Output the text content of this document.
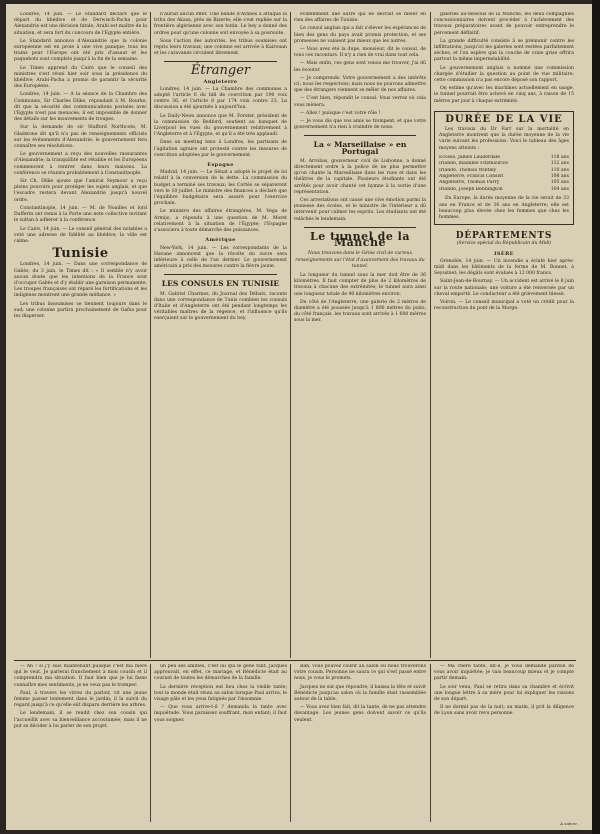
Londres, 14 juin. — Le Standard déclare que le départ du khédive et de Derwisch-Pacha pour Alexandrie est une décision fatale; Arabi est maître de la situation, et sera fort du concours de l'Egypte entière.

Le Standard annonce d'Alexandrie que la colonie européenne est en proie à une vive panique; tous les trains pour l'Europe ont été pris d'assaut et les paquebots sont complets jusqu'à la fin de la semaine.

Le Times apprend du Caire que le conseil des ministres s'est réuni hier soir sous la présidence du khédive; Arabi-Pacha a promis de garantir la sécurité des Européens.

Londres, 14 juin. — A la séance de la Chambre des Communes, Sir Charles Dilke, répondant à M. Bourke, dit que la sécurité des communications postales avec l'Egypte n'est pas menacée, il est impossible de donner des détails sur les mouvements de troupes.

Sur la demande de sir Stafford Northcote, M. Gladstone dit qu'il n'a pas de renseignements officiels sur les événements d'Alexandrie; le gouvernement fera connaître ses résolutions.

Le gouvernement a reçu des nouvelles rassurantes d'Alexandrie; la tranquillité est rétablie et les Européens commencent à rentrer dans leurs maisons. La conférence se réunira probablement à Constantinople.

Sir Ch. Dilke ajoute que l'amiral Seymour a reçu pleins pouvoirs pour protéger les sujets anglais, et que l'escadre restera devant Alexandrie jusqu'à nouvel ordre.

Constantinople, 14 juin. — M. de Noailles et lord Dufferin ont remis à la Porte une note collective invitant le sultan à adhérer à la conférence.

Le Caire, 14 juin. — Le conseil général des notables a voté une adresse de fidélité au khédive; la ville est calme.

Tunisie

Londres, 14 juin. — Dans une correspondance de Gabès, du 3 juin, le Times dit : « Il semble n'y avoir aucun doute que les intentions de la France sont d'occuper Gabès et d'y établir une garnison permanente. Les troupes françaises ont réparé les fortifications et les indigènes montrent une grande méfiance. »

Les tribus insoumises se tiennent toujours dans le sud; une colonne partira prochainement de Gafsa pour les disperser.

n'aurait aucun effet. Une bande d'Arabes a attaqué la tribu des Akasa, près de Bizerte; elle s'est repliée sur la frontière algérienne avec son butin. Le bey a donné des ordres pour qu'une colonne soit envoyée à sa poursuite.

Sous l'action des autorités, les tribus soumises ont repris leurs travaux; une colonne est arrivée à Kairouan et les caravanes circulent librement.

Étranger
Angleterre

Londres, 14 juin. — La Chambre des communes a adopté l'article 6 du bill de coercition par 190 voix contre 36, et l'article 8 par 174 voix contre 23. La discussion a été ajournée à aujourd'hui.

Le Daily-News annonce que M. Forster, président de la commission de Bedford, soutient au banquet de Liverpool les vues du gouvernement relativement à l'Angleterre et à l'Egypte, et qu'il a été très applaudi.

Dans un meeting tenu à Londres, les partisans de l'agitation agraire ont protesté contre les mesures de coercition adoptées par le gouvernement.

Espagne

Madrid, 14 juin. — Le Sénat a adopté le projet de loi relatif à la conversion de la dette. La commission du budget a terminé ses travaux; les Cortès se sépareront vers le 10 juillet. Le ministre des finances a déclaré que l'équilibre budgétaire sera assuré pour l'exercice prochain.

Le ministre des affaires étrangères, M. Vega de Armijo, a répondu à une question de M. Moret relativement à la situation de l'Égypte; l'Espagne s'associera à toute démarche des puissances.

Amérique

New-York, 14 juin. — Les correspondants de la Havane annoncent que la récolte du sucre sera inférieure à celle de l'an dernier. Le gouvernement américain a pris des mesures contre la fièvre jaune.

LES CONSULS EN TUNISIE

M. Gabriel Charmes, du Journal des Débats, raconte dans une correspondance de Tunis combien les consuls d'Italie et d'Angleterre ont été pendant longtemps les véritables maîtres de la régence, et l'influence qu'ils exerçaient sur le gouvernement du bey.

évidemment une autre qui ne devrait se mêler en rien des affaires de Tunisie.

Le consul anglais qui a fait s'élever les espérances de bien des gens du pays avait promis protection, et ses promesses ne valaient pas mieux que les autres.

— Vous avez été la dupe, monsieur, dit le consul, de tous ces racontars. Il n'y a rien de vrai dans tout cela.

— Mais enfin, ces gens sont venus me trouver, j'ai dû les écouter.

— Je comprends. Votre gouvernement a des intérêts ici; nous les respectons; mais nous ne pouvons admettre que des étrangers viennent se mêler de nos affaires.

— C'est bien, répondit le consul. Vous verrez où cela vous mènera.

— Allez ! puisque c'est votre rôle !

— Je vous dis que vos amis se trompent, et que votre gouvernement n'a rien à craindre de nous.

La « Marseillaise » en Portugal

M. Arrobas, gouverneur civil de Lisbonne, a donné directement ordre à la police de ne plus permettre qu'on chante la Marseillaise dans les rues et dans les théâtres de la capitale. Plusieurs étudiants ont été arrêtés pour avoir chanté cet hymne à la sortie d'une représentation.

Ces arrestations ont causé une vive émotion parmi la jeunesse des écoles, et le ministre de l'intérieur a dû intervenir pour calmer les esprits. Les étudiants ont été relâchés le lendemain.

Le tunnel de la Manche
Nous trouvons dans le Génie civil de curieux renseignements sur l'état d'avancement des travaux du tunnel.

La longueur du tunnel sous la mer doit être de 36 kilomètres. Il faut compter de plus de 2 kilomètres de travaux à chacune des extrémités; le tunnel aura ainsi une longueur totale de 40 kilomètres environ.

Du côté de l'Angleterre, une galerie de 2 mètres de diamètre a été poussée jusqu'à 1 800 mètres du puits; du côté français, les travaux sont arrivés à 1 600 mètres sous la mer.

galeries au-dessous de la Manche, les deux compagnies concessionnaires doivent procéder à l'achèvement des travaux préparatoires avant de pouvoir entreprendre le percement définitif.

La grande difficulté consiste à se prémunir contre les infiltrations; jusqu'ici les galeries sont restées parfaitement sèches, et l'on espère que la couche de craie grise offrira partout la même imperméabilité.

Le gouvernement anglais a nommé une commission chargée d'étudier la question au point de vue militaire; cette commission n'a pas encore déposé son rapport.

On estime qu'avec les machines actuellement en usage, le tunnel pourrait être achevé en cinq ans, à raison de 15 mètres par jour à chaque extrémité.

DURÉE DE LA VIE

Les travaux du Dr Farr sur la mortalité en Angleterre montrent que la durée moyenne de la vie varie suivant les professions. Voici le tableau des âges moyens atteints :

Ecosse, James Lauderdale	118 ans
Irlande, madame Fitzmaurice	112 ans
Irlande, Thomas Wintley	110 ans
Angleterre, Francis Consist	108 ans
Angleterre, Thomas Parry	105 ans
Irlande, Joseph Bennington	104 ans

En Europe, la durée moyenne de la vie serait de 33 ans en France et de 36 ans en Angleterre; elle est beaucoup plus élevée chez les femmes que chez les hommes.

DÉPARTEMENTS
(Service spécial du Républicain du Midi)
ISÈRE

Grenoble, 14 juin. — Un incendie a éclaté hier après-midi dans les bâtiments de la ferme de M. Bonnet, à Seyssinet; les dégâts sont évalués à 12 000 francs.

Saint-Jean-de-Bournay. — Un accident est arrivé le 8 juin sur la route nationale; une voiture a été renversée par un cheval emporté. Le conducteur a été grièvement blessé.

Voiron. — Le conseil municipal a voté un crédit pour la reconstruction du pont de la Morge.

— Ah ! si j'y suis maintenant puisque c'est ma mère qui le veut. Je parlerai franchement à mon cousin et il comprendra ma situation. Il faut bien que je lui fasse connaître mes sentiments, je ne veux pas le tromper.

Paul, à travers les vitres du parloir, vit une jeune femme passer lentement dans le jardin; il la suivit du regard jusqu'à ce qu'elle eût disparu derrière les arbres.

Le lendemain, il se rendit chez son cousin qui l'accueillit avec sa bienveillance accoutumée; mais il ne put se décider à lui parler de son projet.

un peu ses amitiés, c'est lui qui le gêne tant. Jacques approuvait, en effet, ce mariage, et Bénédicte était au courant de toutes les démarches de la famille.

La dernière réception eut lieu chez la vieille tante; tout le monde était réuni au salon lorsque Paul arriva, le visage pâle et les yeux fatigués par l'insomnie.

— Que vous arrive-t-il ? demanda la tante avec inquiétude. Vous paraissez souffrant, mon enfant; il faut vous soigner.

Bah, vous pouvez courir au salon où nous trouverons votre cousin. Personne ne saura ce qui s'est passé entre nous, je vous le promets.

Jacques ne sut que répondre; il baissa la tête et suivit Bénédicte jusqu'au salon où la famille était rassemblée autour de la table.

— Vous avez bien fait, dit la tante, de ne pas attendre davantage. Les jeunes gens doivent savoir ce qu'ils veulent.

— Ma chère tante, dit-il, je vous demande pardon de vous avoir inquiétée; je vais beaucoup mieux et je compte partir demain.

Le soir venu, Paul se retira dans sa chambre et écrivit une longue lettre à sa mère pour lui expliquer les raisons de son départ.

Il ne dormit pas de la nuit; au matin, il prit la diligence de Lyon sans avoir revu personne.

A suivre.
